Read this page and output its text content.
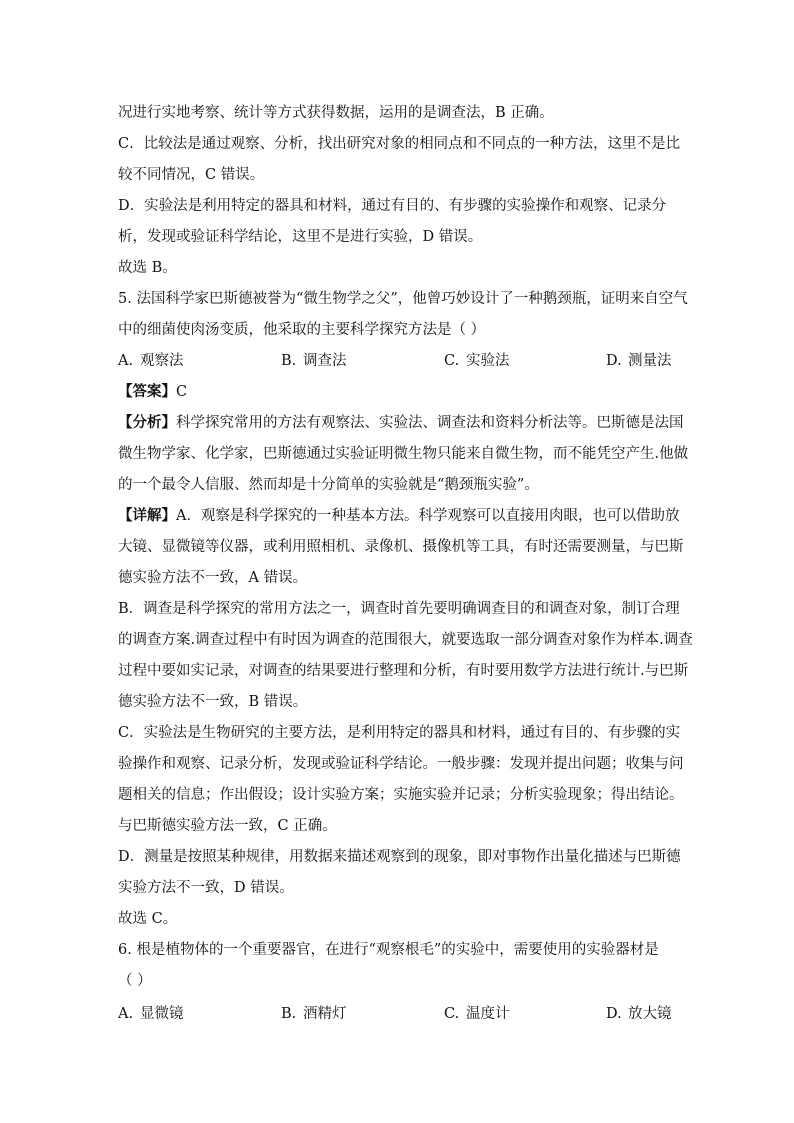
况进行实地考察、统计等方式获得数据，运用的是调查法，B 正确。
C．比较法是通过观察、分析，找出研究对象的相同点和不同点的一种方法，这里不是比
较不同情况，C 错误。
D．实验法是利用特定的器具和材料，通过有目的、有步骤的实验操作和观察、记录分
析，发现或验证科学结论，这里不是进行实验，D 错误。
故选 B。
5. 法国科学家巴斯德被誉为“微生物学之父”，他曾巧妙设计了一种鹅颈瓶，证明来自空气
中的细菌使肉汤变质，他采取的主要科学探究方法是（ ）
A. 观察法	B. 调查法	C. 实验法	D. 测量法
【答案】C
【分析】科学探究常用的方法有观察法、实验法、调查法和资料分析法等。巴斯德是法国
微生物学家、化学家，巴斯德通过实验证明微生物只能来自微生物，而不能凭空产生.他做
的一个最令人信服、然而却是十分简单的实验就是“鹅颈瓶实验”。
【详解】A．观察是科学探究的一种基本方法。科学观察可以直接用肉眼，也可以借助放
大镜、显微镜等仪器，或利用照相机、录像机、摄像机等工具，有时还需要测量，与巴斯
德实验方法不一致，A 错误。
B．调查是科学探究的常用方法之一，调查时首先要明确调查目的和调查对象，制订合理
的调查方案.调查过程中有时因为调查的范围很大，就要选取一部分调查对象作为样本.调查
过程中要如实记录，对调查的结果要进行整理和分析，有时要用数学方法进行统计.与巴斯
德实验方法不一致，B 错误。
C．实验法是生物研究的主要方法，是利用特定的器具和材料，通过有目的、有步骤的实
验操作和观察、记录分析，发现或验证科学结论。一般步骤：发现并提出问题；收集与问
题相关的信息；作出假设；设计实验方案；实施实验并记录；分析实验现象；得出结论。
与巴斯德实验方法一致，C 正确。
D．测量是按照某种规律，用数据来描述观察到的现象，即对事物作出量化描述与巴斯德
实验方法不一致，D 错误。
故选 C。
6. 根是植物体的一个重要器官，在进行“观察根毛”的实验中，需要使用的实验器材是
（ ）
A. 显微镜	B. 酒精灯	C. 温度计	D. 放大镜
